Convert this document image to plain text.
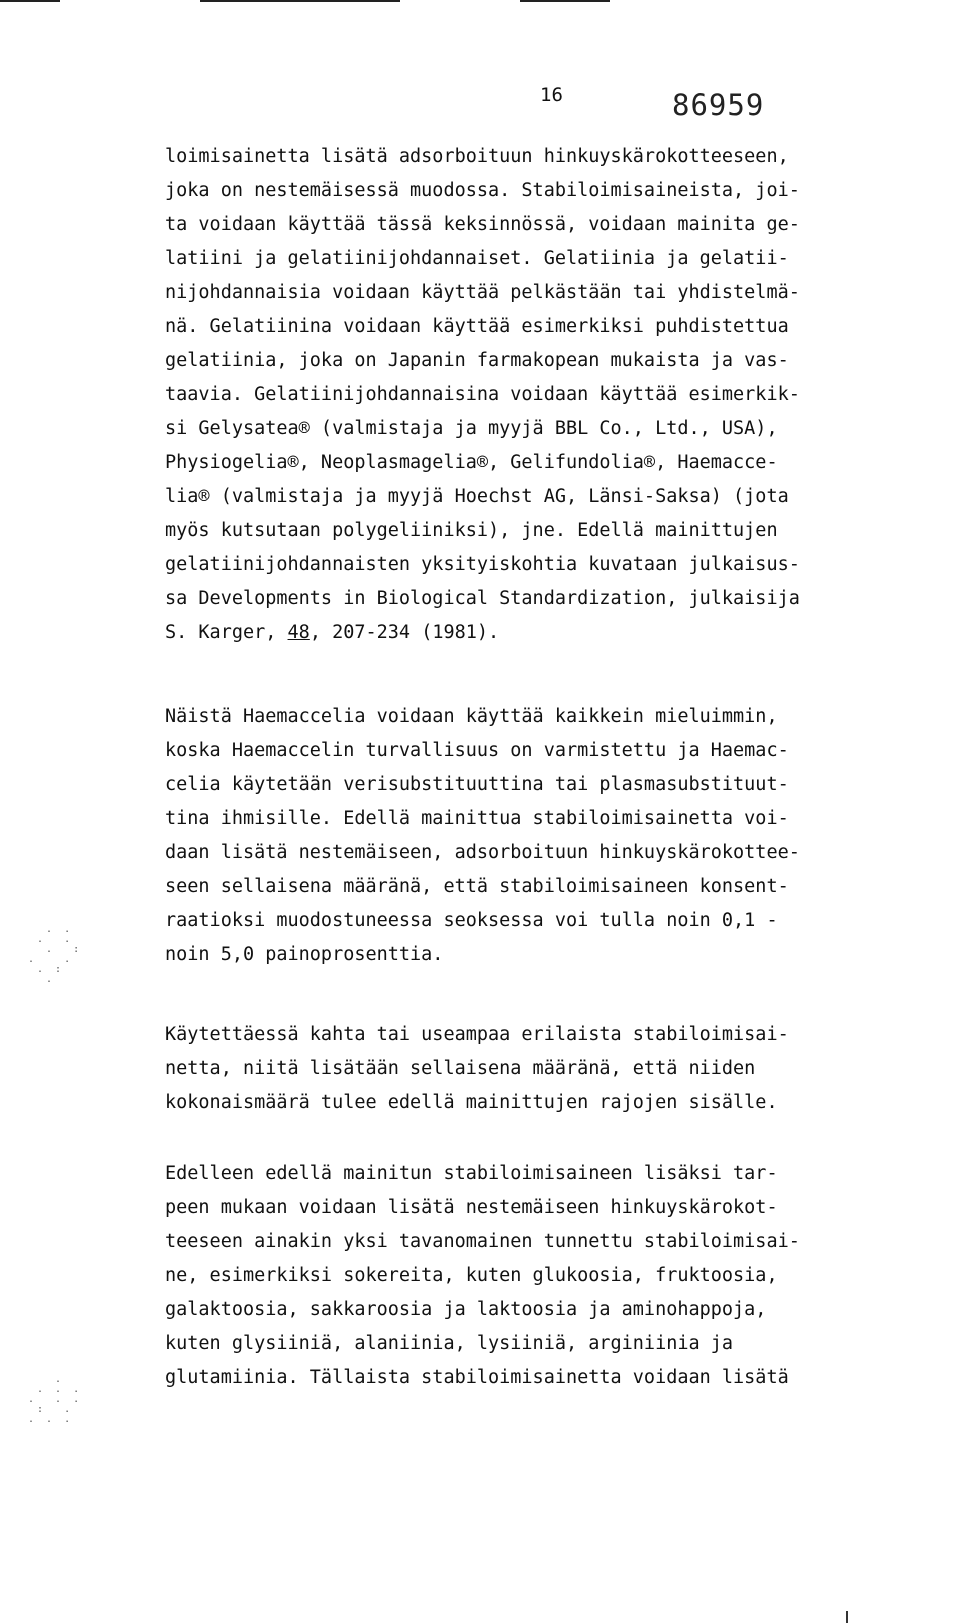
16	86959
loimisainetta lisätä adsorboituun hinkuyskärokotteeseen,
joka on nestemäisessä muodossa. Stabiloimisaineista, joi-
ta voidaan käyttää tässä keksinnössä, voidaan mainita ge-
latiini ja gelatiinijohdannaiset. Gelatiinia ja gelatii-
nijohdannaisia voidaan käyttää pelkästään tai yhdistelmä-
nä. Gelatiinina voidaan käyttää esimerkiksi puhdistettua
gelatiinia, joka on Japanin farmakopean mukaista ja vas-
taavia. Gelatiinijohdannaisina voidaan käyttää esimerkik-
si Gelysatea® (valmistaja ja myyjä BBL Co., Ltd., USA),
Physiogelia®, Neoplasmagelia®, Gelifundolia®, Haemacce-
lia® (valmistaja ja myyjä Hoechst AG, Länsi-Saksa) (jota
myös kutsutaan polygeliiniksi), jne. Edellä mainittujen
gelatiinijohdannaisten yksityiskohtia kuvataan julkaisus-
sa Developments in Biological Standardization, julkaisija
S. Karger, 48, 207-234 (1981).
Näistä Haemaccelia voidaan käyttää kaikkein mieluimmin,
koska Haemaccelin turvallisuus on varmistettu ja Haemac-
celia käytetään verisubstituuttina tai plasmasubstituut-
tina ihmisille. Edellä mainittua stabiloimisainetta voi-
daan lisätä nestemäiseen, adsorboituun hinkuyskärokottee-
seen sellaisena määränä, että stabiloimisaineen konsent-
raatioksi muodostuneessa seoksessa voi tulla noin 0,1 -
noin 5,0 painoprosenttia.
Käytettäessä kahta tai useampaa erilaista stabiloimisai-
netta, niitä lisätään sellaisena määränä, että niiden
kokonaismäärä tulee edellä mainittujen rajojen sisälle.
Edelleen edellä mainitun stabiloimisaineen lisäksi tar-
peen mukaan voidaan lisätä nestemäiseen hinkuyskärokot-
teeseen ainakin yksi tavanomainen tunnettu stabiloimisai-
ne, esimerkiksi sokereita, kuten glukoosia, fruktoosia,
galaktoosia, sakkaroosia ja laktoosia ja aminohappoja,
kuten glysiiniä, alaniinia, lysiiniä, arginiinia ja
glutamiinia. Tällaista stabiloimisainetta voidaan lisätä
. .
.  .
.  :
.   .
. :
.
.
. . .
.  . .
:  .
. . .
